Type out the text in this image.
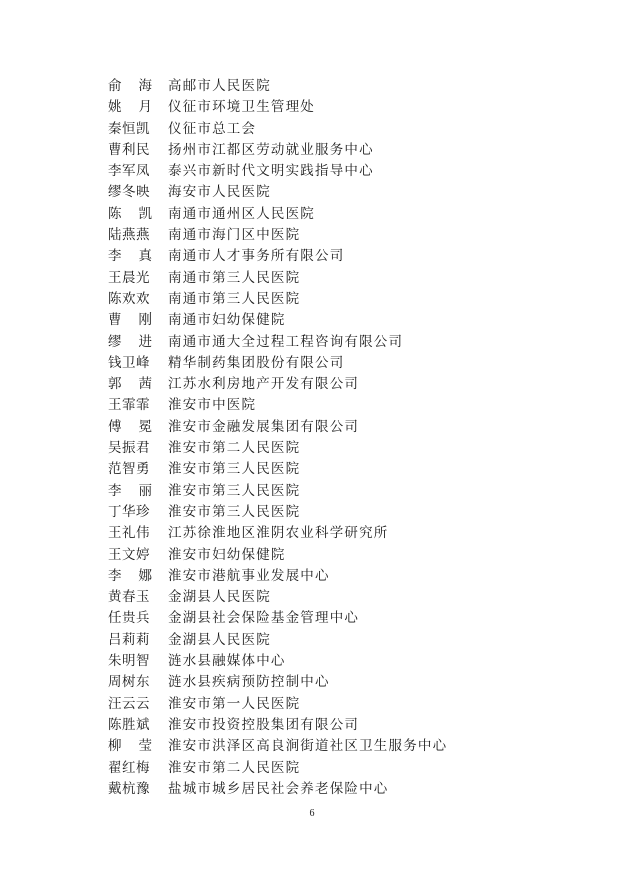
俞海 高邮市人民医院
姚月 仪征市环境卫生管理处
秦恒凯	仪征市总工会
曹利民	扬州市江都区劳动就业服务中心
李军凤	泰兴市新时代文明实践指导中心
缪冬映	海安市人民医院
陈凯 南通市通州区人民医院
陆燕燕	南通市海门区中医院
李真 南通市人才事务所有限公司
王晨光	南通市第三人民医院
陈欢欢	南通市第三人民医院
曹刚 南通市妇幼保健院
缪进 南通市通大全过程工程咨询有限公司
钱卫峰	精华制药集团股份有限公司
郭茜 江苏水利房地产开发有限公司
王霏霏	淮安市中医院
傅冕 淮安市金融发展集团有限公司
吴振君	淮安市第二人民医院
范智勇	淮安市第三人民医院
李丽 淮安市第三人民医院
丁华珍	淮安市第三人民医院
王礼伟	江苏徐淮地区淮阴农业科学研究所
王文婷	淮安市妇幼保健院
李娜 淮安市港航事业发展中心
黄春玉	金湖县人民医院
任贵兵	金湖县社会保险基金管理中心
吕莉莉	金湖县人民医院
朱明智	涟水县融媒体中心
周树东	涟水县疾病预防控制中心
汪云云	淮安市第一人民医院
陈胜斌	淮安市投资控股集团有限公司
柳莹 淮安市洪泽区高良涧街道社区卫生服务中心
翟红梅	淮安市第二人民医院
戴杭豫	盐城市城乡居民社会养老保险中心
6
